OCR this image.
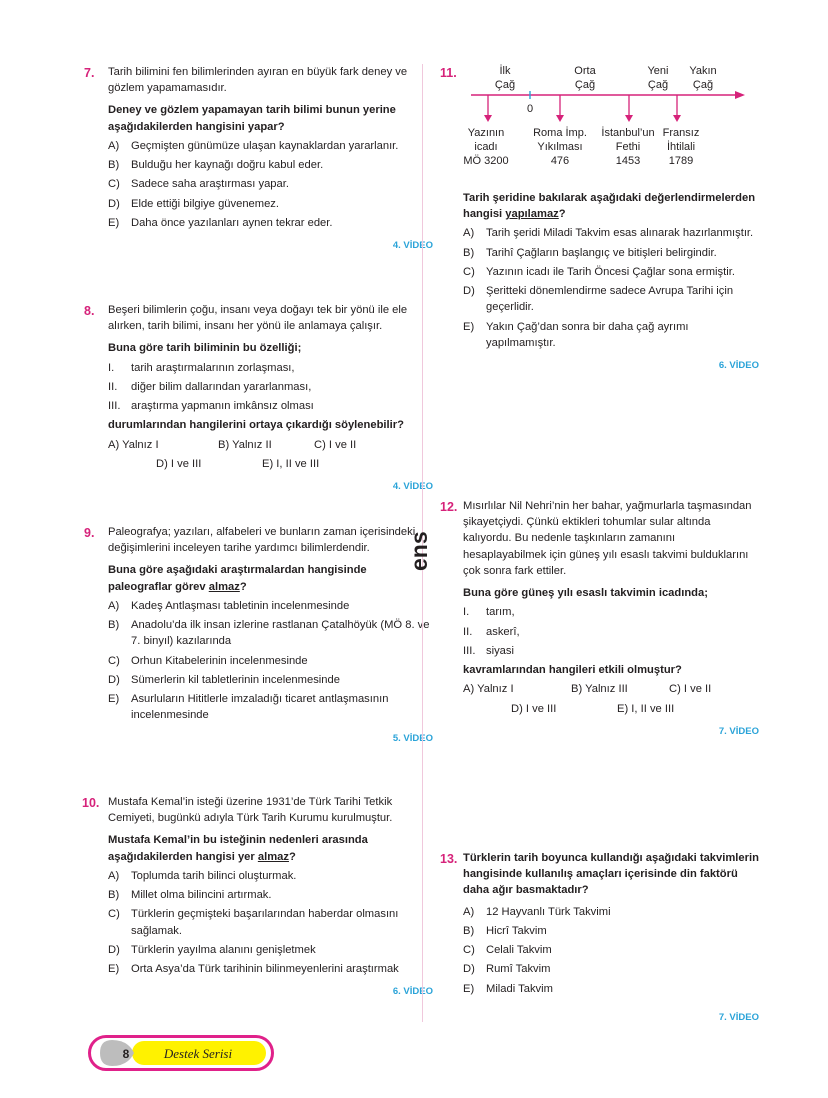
7. Tarih bilimini fen bilimlerinden ayıran en büyük fark deney ve gözlem yapamamasıdır.
Deney ve gözlem yapamayan tarih bilimi bunun yerine aşağıdakilerden hangisini yapar?
A) Geçmişten günümüze ulaşan kaynaklardan yararlanır.
B) Bulduğu her kaynağı doğru kabul eder.
C) Sadece saha araştırması yapar.
D) Elde ettiği bilgiye güvenemez.
E) Daha önce yazılanları aynen tekrar eder.
4. VİDEO
8. Beşeri bilimlerin çoğu, insanı veya doğayı tek bir yönü ile ele alırken, tarih bilimi, insanı her yönü ile anlamaya çalışır.
Buna göre tarih biliminin bu özelliği;
I. tarih araştırmalarının zorlaşması,
II. diğer bilim dallarından yararlanması,
III. araştırma yapmanın imkânsız olması
durumlarından hangilerini ortaya çıkardığı söylenebilir?
A) Yalnız I	B) Yalnız II	C) I ve II
D) I ve III	E) I, II ve III
4. VİDEO
9. Paleografya; yazıları, alfabeleri ve bunların zaman içerisindeki değişimlerini inceleyen tarihe yardımcı bilimlerdendir.
Buna göre aşağıdaki araştırmalardan hangisinde paleograflar görev almaz?
A) Kadeş Antlaşması tabletinin incelenmesinde
B) Anadolu’da ilk insan izlerine rastlanan Çatalhöyük (MÖ 8. ve 7. binyıl) kazılarında
C) Orhun Kitabelerinin incelenmesinde
D) Sümerlerin kil tabletlerinin incelenmesinde
E) Asurluların Hititlerle imzaladığı ticaret antlaşmasının incelenmesinde
5. VİDEO
10. Mustafa Kemal’in isteği üzerine 1931’de Türk Tarihi Tetkik Cemiyeti, bugünkü adıyla Türk Tarih Kurumu kurulmuştur.
Mustafa Kemal’in bu isteğinin nedenleri arasında aşağıdakilerden hangisi yer almaz?
A) Toplumda tarih bilinci oluşturmak.
B) Millet olma bilincini artırmak.
C) Türklerin geçmişteki başarılarından haberdar olmasını sağlamak.
D) Türklerin yayılma alanını genişletmek
E) Orta Asya’da Türk tarihinin bilinmeyenlerini araştırmak
6. VİDEO
ens
11.	İlk
Çağ
Orta
Çağ
Yeni
Çağ
Yakın
Çağ
0
Yazının
icadı
MÖ 3200
Roma İmp.
Yıkılması
476
İstanbul’un
Fethi
1453
Fransız
İhtilali
1789
Tarih şeridine bakılarak aşağıdaki değerlendirmelerden hangisi yapılamaz?
A) Tarih şeridi Miladi Takvim esas alınarak hazırlanmıştır.
B) Tarihî Çağların başlangıç ve bitişleri belirgindir.
C) Yazının icadı ile Tarih Öncesi Çağlar sona ermiştir.
D) Şeritteki dönemlendirme sadece Avrupa Tarihi için geçerlidir.
E) Yakın Çağ’dan sonra bir daha çağ ayrımı yapılmamıştır.
6. VİDEO
12. Mısırlılar Nil Nehri’nin her bahar, yağmurlarla taşmasından şikayetçiydi. Çünkü ektikleri tohumlar sular altında kalıyordu. Bu nedenle taşkınların zamanını hesaplayabilmek için güneş yılı esaslı takvimi bulduklarını çok sonra fark ettiler.
Buna göre güneş yılı esaslı takvimin icadında;
I. tarım,
II. askerî,
III. siyasi
kavramlarından hangileri etkili olmuştur?
A) Yalnız I	B) Yalnız III	C) I ve II
D) I ve III	E) I, II ve III
7. VİDEO
13. Türklerin tarih boyunca kullandığı aşağıdaki takvimlerin hangisinde kullanılış amaçları içerisinde din faktörü daha ağır basmaktadır?
A) 12 Hayvanlı Türk Takvimi
B) Hicrî Takvim
C) Celali Takvim
D) Rumî Takvim
E) Miladi Takvim
7. VİDEO
8	Destek Serisi
